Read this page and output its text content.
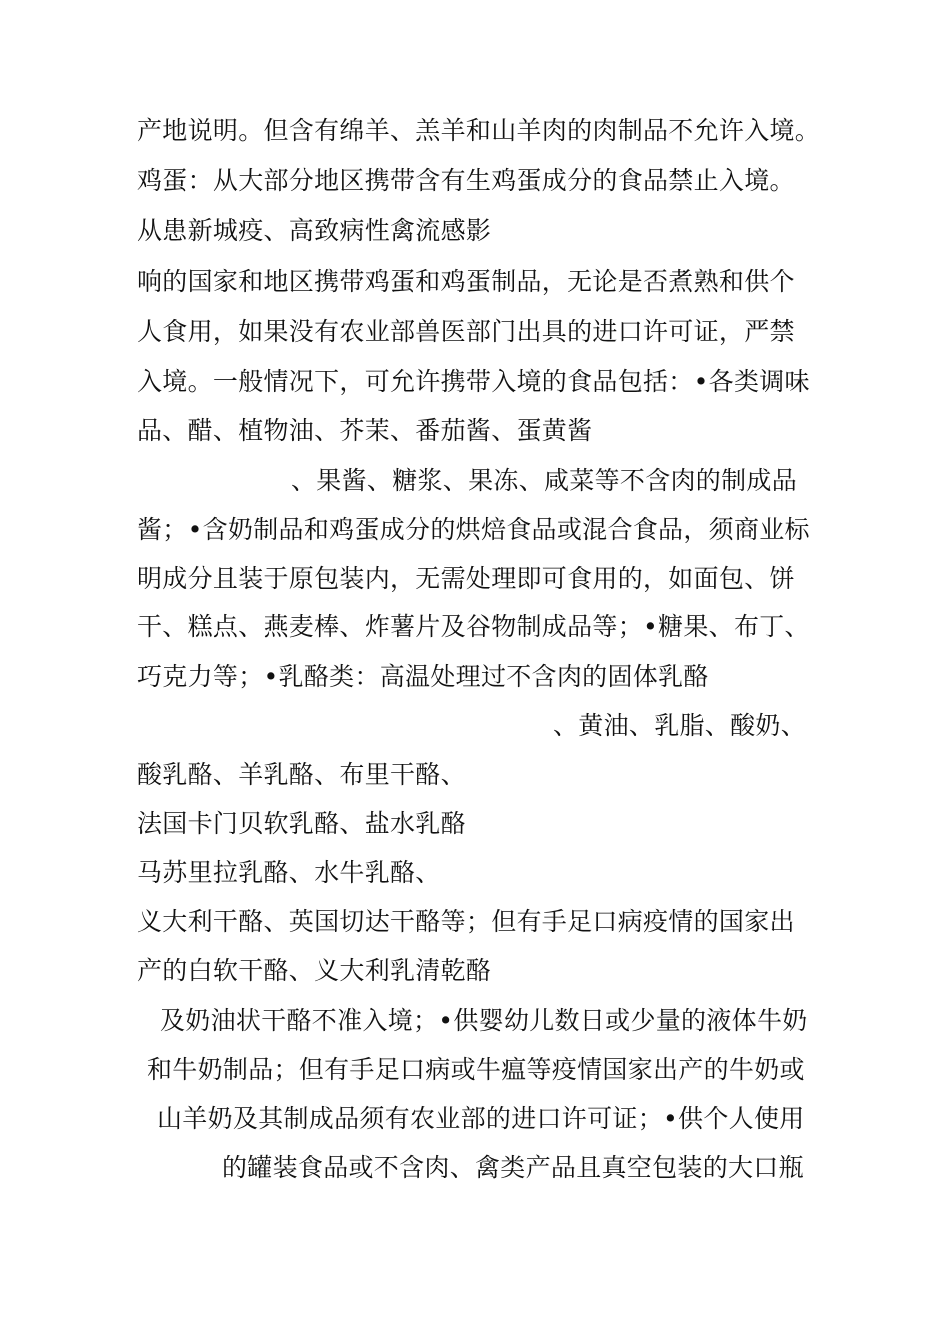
产地说明。但含有绵羊、羔羊和山羊肉的肉制品不允许入境。
鸡蛋：从大部分地区携带含有生鸡蛋成分的食品禁止入境。
从患新城疫、高致病性禽流感影
响的国家和地区携带鸡蛋和鸡蛋制品，无论是否煮熟和供个
人食用，如果没有农业部兽医部门出具的进口许可证，严禁
入境。一般情况下，可允许携带入境的食品包括：•各类调味
品、醋、植物油、芥茉、番茄酱、蛋黄酱
、果酱、糖浆、果冻、咸菜等不含肉的制成品
酱；•含奶制品和鸡蛋成分的烘焙食品或混合食品，须商业标
明成分且装于原包装内，无需处理即可食用的，如面包、饼
干、糕点、燕麦棒、炸薯片及谷物制成品等；•糖果、布丁、
巧克力等；•乳酪类：高温处理过不含肉的固体乳酪
、黄油、乳脂、酸奶、
酸乳酪、羊乳酪、布里干酪、
法国卡门贝软乳酪、盐水乳酪
马苏里拉乳酪、水牛乳酪、
义大利干酪、英国切达干酪等；但有手足口病疫情的国家出
产的白软干酪、义大利乳清乾酪
及奶油状干酪不准入境；•供婴幼儿数日或少量的液体牛奶
和牛奶制品；但有手足口病或牛瘟等疫情国家出产的牛奶或
山羊奶及其制成品须有农业部的进口许可证；•供个人使用
的罐装食品或不含肉、禽类产品且真空包装的大口瓶
